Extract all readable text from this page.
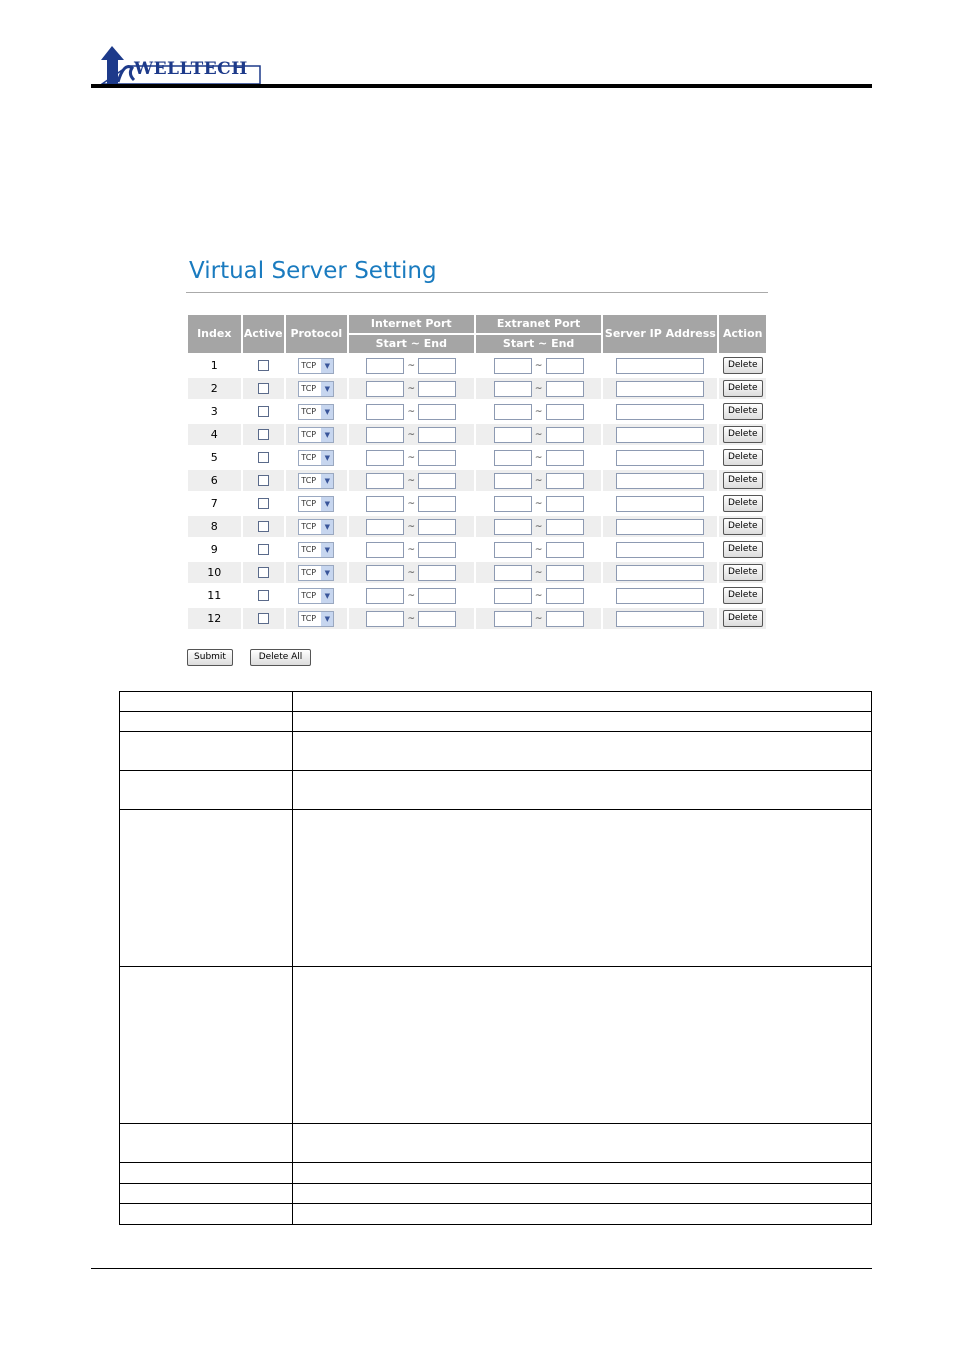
WELLTECH
Virtual Server Setting
Index	Active	Protocol	Internet Port	Extranet Port	Server IP Address	Action
			Start ~ End	Start ~ End		
1		TCP ▼	~	~		Delete
2		TCP ▼	~	~		Delete
3		TCP ▼	~	~		Delete
4		TCP ▼	~	~		Delete
5		TCP ▼	~	~		Delete
6		TCP ▼	~	~		Delete
7		TCP ▼	~	~		Delete
8		TCP ▼	~	~		Delete
9		TCP ▼	~	~		Delete
10		TCP ▼	~	~		Delete
11		TCP ▼	~	~		Delete
12		TCP ▼	~	~		Delete
Submit	Delete All
